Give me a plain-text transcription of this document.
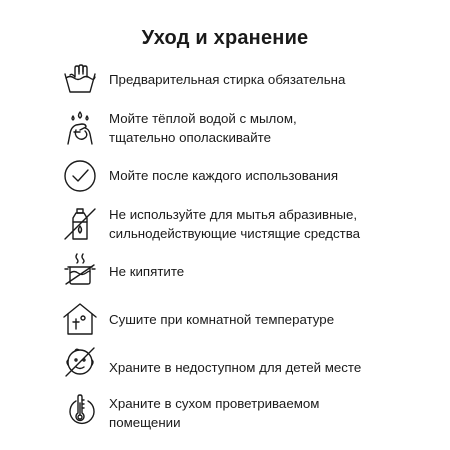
Уход и хранение
Предварительная стирка обязательна
Мойте тёплой водой с мылом,
тщательно ополаскивайте
Мойте после каждого использования
Не используйте для мытья абразивные,
сильнодействующие чистящие средства
Не кипятите
Сушите при комнатной температуре
Храните в недоступном для детей месте
Храните в сухом проветриваемом
помещении
